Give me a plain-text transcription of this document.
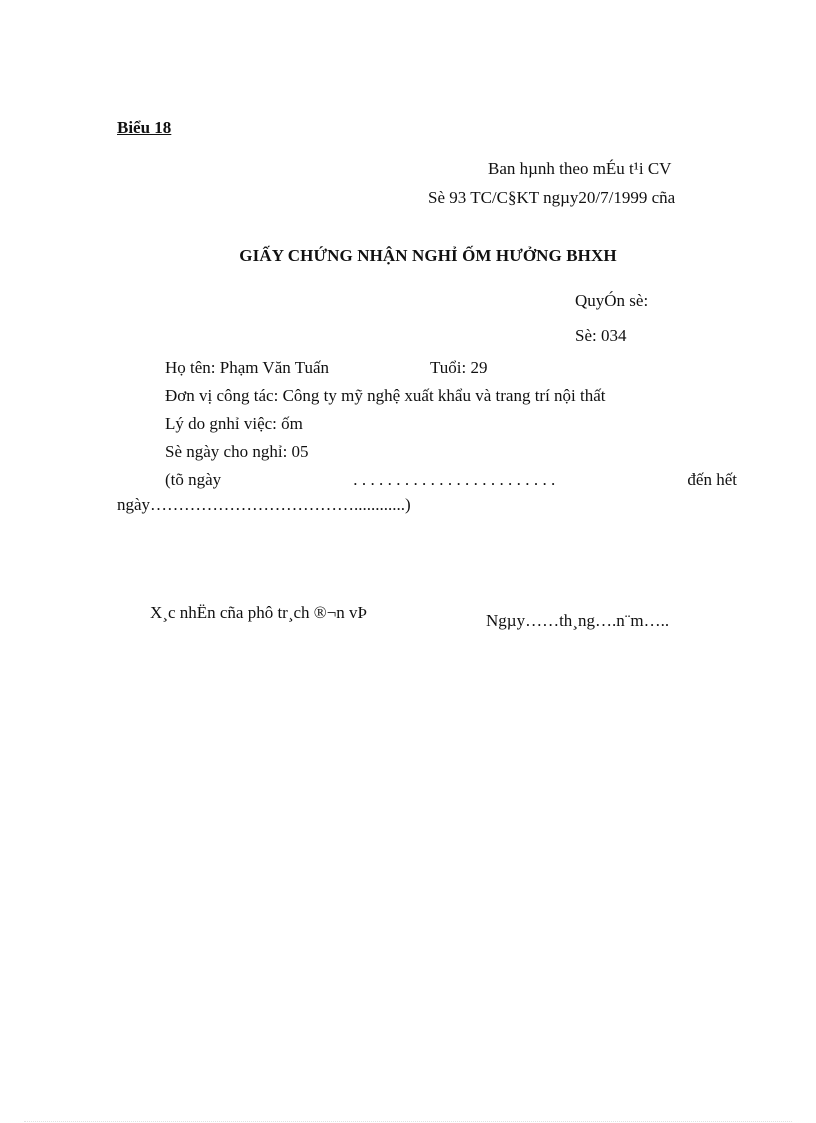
Biểu 18
Ban hµnh theo mÉu t¹i CV
Sè 93 TC/C§KT ngµy20/7/1999 cña
GIẤY CHỨNG NHẬN NGHỈ ỐM HƯỞNG BHXH
QuyÓn sè:
Sè: 034
Họ tên: Phạm Văn Tuấn	Tuổi: 29
Đơn vị công tác: Công ty mỹ nghệ xuất khẩu và trang trí nội thất
Lý do gnhỉ việc: ốm
Sè ngày cho nghỉ: 05
(tõ ngày	. . . . . . . . . . . . . . . . . . . . . . . .	đến hết
ngày………………………………............)
X¸c nhËn cña phô tr¸ch ®¬n vÞ	Ngµy……th¸ng….n¨m…..
